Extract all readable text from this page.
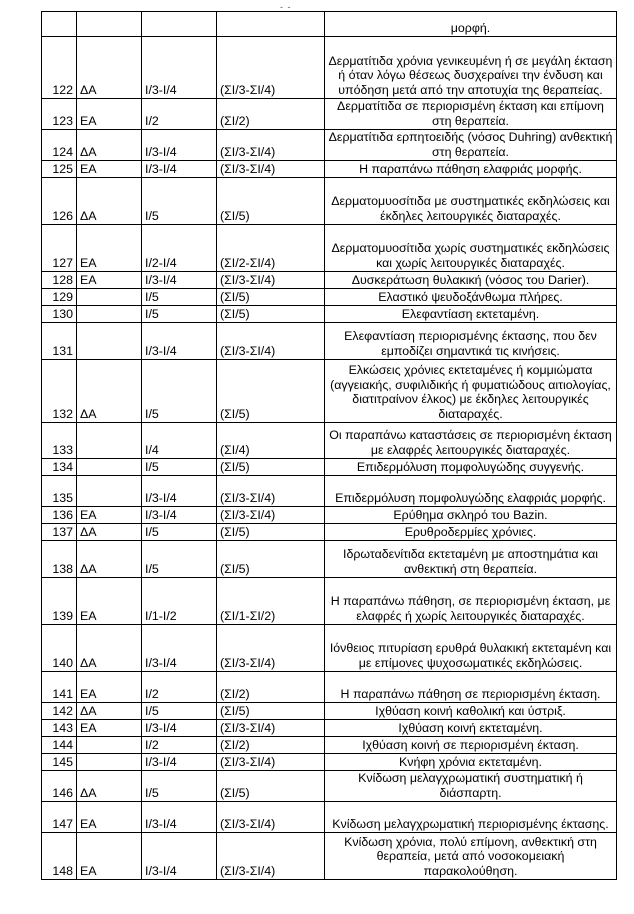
- -
				μορφή.
122	ΔΑ	Ι/3-Ι/4	(ΣΙ/3-ΣΙ/4)	Δερματίτιδα χρόνια γενικευμένη ή σε μεγάλη έκταση ή όταν λόγω θέσεως δυσχεραίνει την ένδυση και υπόδηση μετά από την αποτυχία της θεραπείας.
123	ΕΑ	Ι/2	(ΣΙ/2)	Δερματίτιδα σε περιορισμένη έκταση και επίμονη στη θεραπεία.
124	ΔΑ	Ι/3-Ι/4	(ΣΙ/3-ΣΙ/4)	Δερματίτιδα ερπητοειδής (νόσος Duhring) ανθεκτική στη θεραπεία.
125	ΕΑ	Ι/3-Ι/4	(ΣΙ/3-ΣΙ/4)	Η παραπάνω πάθηση ελαφριάς μορφής.
126	ΔΑ	Ι/5	(ΣΙ/5)	Δερματομυοσίτιδα με συστηματικές εκδηλώσεις και έκδηλες λειτουργικές διαταραχές.
127	ΕΑ	Ι/2-Ι/4	(ΣΙ/2-ΣΙ/4)	Δερματομυοσίτιδα χωρίς συστηματικές εκδηλώσεις και χωρίς λειτουργικές διαταραχές.
128	ΕΑ	Ι/3-Ι/4	(ΣΙ/3-ΣΙ/4)	Δυσκεράτωση θυλακική (νόσος του Darier).
129		Ι/5	(ΣΙ/5)	Ελαστικό ψευδοξάνθωμα πλήρες.
130		Ι/5	(ΣΙ/5)	Ελεφαντίαση εκτεταμένη.
131		Ι/3-Ι/4	(ΣΙ/3-ΣΙ/4)	Ελεφαντίαση περιορισμένης έκτασης, που δεν εμποδίζει σημαντικά τις κινήσεις.
132	ΔΑ	Ι/5	(ΣΙ/5)	Ελκώσεις χρόνιες εκτεταμένες ή κομμιώματα (αγγειακής, συφιλιδικής ή φυματιώδους αιτιολογίας, διατιτραίνον έλκος) με έκδηλες λειτουργικές διαταραχές.
133		Ι/4	(ΣΙ/4)	Οι παραπάνω καταστάσεις σε περιορισμένη έκταση με ελαφρές λειτουργικές διαταραχές.
134		Ι/5	(ΣΙ/5)	Επιδερμόλυση πομφολυγώδης συγγενής.
135		Ι/3-Ι/4	(ΣΙ/3-ΣΙ/4)	Επιδερμόλυση πομφολυγώδης ελαφριάς μορφής.
136	ΕΑ	Ι/3-Ι/4	(ΣΙ/3-ΣΙ/4)	Ερύθημα σκληρό του Bazin.
137	ΔΑ	Ι/5	(ΣΙ/5)	Ερυθροδερμίες χρόνιες.
138	ΔΑ	Ι/5	(ΣΙ/5)	Ιδρωταδενίτιδα εκτεταμένη με αποστημάτια και ανθεκτική στη θεραπεία.
139	ΕΑ	Ι/1-Ι/2	(ΣΙ/1-ΣΙ/2)	Η παραπάνω πάθηση, σε περιορισμένη έκταση, με ελαφρές ή χωρίς λειτουργικές διαταραχές.
140	ΔΑ	Ι/3-Ι/4	(ΣΙ/3-ΣΙ/4)	Ιόνθειος πιτυρίαση ερυθρά θυλακική εκτεταμένη και με επίμονες ψυχοσωματικές εκδηλώσεις.
141	ΕΑ	Ι/2	(ΣΙ/2)	Η παραπάνω πάθηση σε περιορισμένη έκταση.
142	ΔΑ	Ι/5	(ΣΙ/5)	Ιχθύαση κοινή καθολική και ύστριξ.
143	ΕΑ	Ι/3-Ι/4	(ΣΙ/3-ΣΙ/4)	Ιχθύαση κοινή εκτεταμένη.
144		Ι/2	(ΣΙ/2)	Ιχθύαση κοινή σε περιορισμένη έκταση.
145		Ι/3-Ι/4	(ΣΙ/3-ΣΙ/4)	Κνήφη χρόνια εκτεταμένη.
146	ΔΑ	Ι/5	(ΣΙ/5)	Κνίδωση μελαγχρωματική συστηματική ή διάσπαρτη.
147	ΕΑ	Ι/3-Ι/4	(ΣΙ/3-ΣΙ/4)	Κνίδωση μελαγχρωματική περιορισμένης έκτασης.
148	ΕΑ	Ι/3-Ι/4	(ΣΙ/3-ΣΙ/4)	Κνίδωση χρόνια, πολύ επίμονη, ανθεκτική στη θεραπεία, μετά από νοσοκομειακή παρακολούθηση.
